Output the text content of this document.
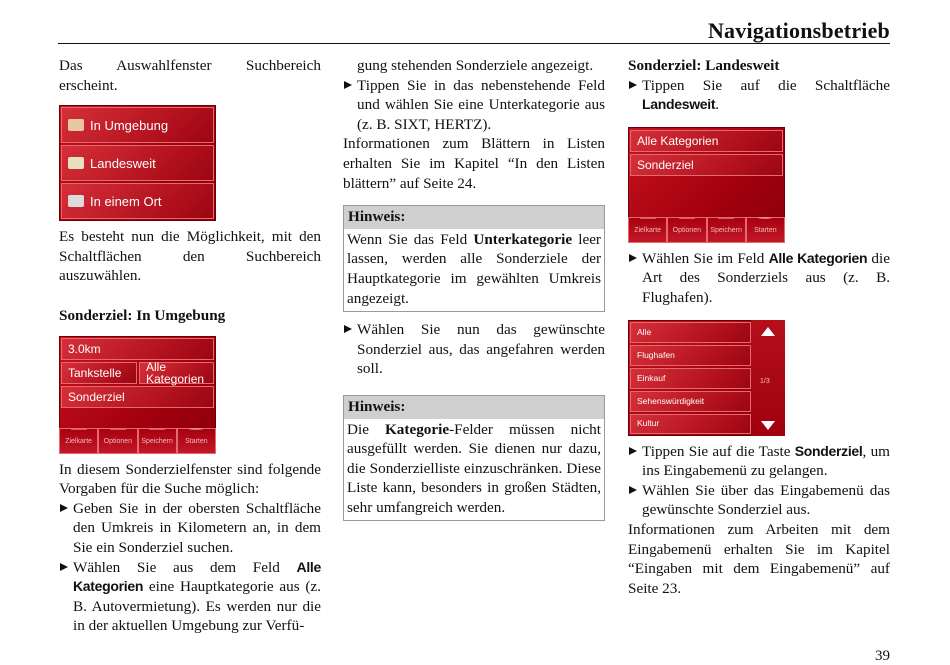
Navigationsbetrieb

Das Auswahlfenster Suchbereich erscheint.

In Umgebung
Landesweit
In einem Ort

Es besteht nun die Möglichkeit, mit den Schaltflächen den Suchbereich auszuwählen.

Sonderziel: In Umgebung

3.0km
Tankstelle	Alle Kategorien
Sonderziel
Zielkarte Optionen Speichern Starten

In diesem Sonderzielfenster sind folgende Vorgaben für die Suche möglich:

Geben Sie in der obersten Schaltfläche den Umkreis in Kilometern an, in dem Sie ein Sonderziel suchen.
Wählen Sie aus dem Feld Alle Kategorien eine Hauptkategorie aus (z. B. Autovermietung). Es werden nur die in der aktuellen Umgebung zur Verfü-
gung stehenden Sonderziele angezeigt.
Tippen Sie in das nebenstehende Feld und wählen Sie eine Unterkategorie aus (z. B. SIXT, HERTZ).

Informationen zum Blättern in Listen erhalten Sie im Kapitel “In den Listen blättern” auf Seite 24.

Hinweis:
Wenn Sie das Feld Unterkategorie leer lassen, werden alle Sonderziele der Hauptkategorie im gewählten Umkreis angezeigt.
Wählen Sie nun das gewünschte Sonderziel aus, das angefahren werden soll.
Hinweis:
Die Kategorie-Felder müssen nicht ausgefüllt werden. Sie dienen nur dazu, die Sonderzielliste einzuschränken. Diese Liste kann, besonders in großen Städten, sehr umfangreich werden.

Sonderziel: Landesweit

Tippen Sie auf die Schaltfläche Landesweit.
Alle Kategorien
Sonderziel
Zielkarte Optionen Speichern Starten
Wählen Sie im Feld Alle Kategorien die Art des Sonderziels aus (z. B. Flughafen).
Alle
Flughafen
Einkauf
Sehenswürdigkeit
Kultur
1/3
Tippen Sie auf die Taste Sonderziel, um ins Eingabemenü zu gelangen.
Wählen Sie über das Eingabemenü das gewünschte Sonderziel aus.

Informationen zum Arbeiten mit dem Eingabemenü erhalten Sie im Kapitel “Eingaben mit dem Eingabemenü” auf Seite 23.

39
